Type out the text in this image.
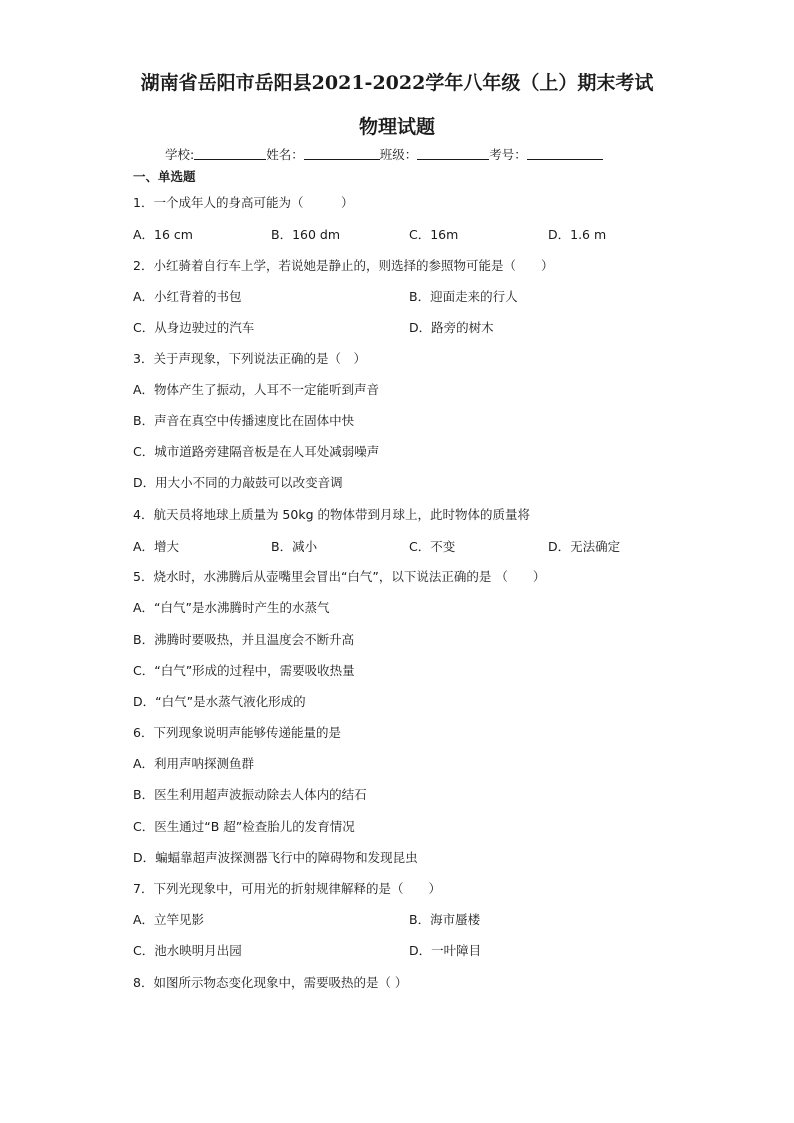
湖南省岳阳市岳阳县2021-2022学年八年级（上）期末考试
物理试题
学校:	姓名：	班级：	考号：
一、单选题
1．一个成年人的身高可能为（　　　）
A．16 cm	B．160 dm	C．16m	D．1.6 m
2．小红骑着自行车上学，若说她是静止的，则选择的参照物可能是（　　）
A．小红背着的书包	B．迎面走来的行人
C．从身边驶过的汽车	D．路旁的树木
3．关于声现象，下列说法正确的是（　）
A．物体产生了振动，人耳不一定能听到声音
B．声音在真空中传播速度比在固体中快
C．城市道路旁建隔音板是在人耳处减弱噪声
D．用大小不同的力敲鼓可以改变音调
4．航天员将地球上质量为 50kg 的物体带到月球上，此时物体的质量将
A．增大	B．减小	C．不变	D．无法确定
5．烧水时，水沸腾后从壶嘴里会冒出“白气”，以下说法正确的是 （　　）
A．“白气”是水沸腾时产生的水蒸气
B．沸腾时要吸热，并且温度会不断升高
C．“白气”形成的过程中，需要吸收热量
D．“白气”是水蒸气液化形成的
6．下列现象说明声能够传递能量的是
A．利用声呐探测鱼群
B．医生利用超声波振动除去人体内的结石
C．医生通过“B 超”检查胎儿的发育情况
D．蝙蝠靠超声波探测器飞行中的障碍物和发现昆虫
7．下列光现象中，可用光的折射规律解释的是（　　）
A．立竿见影	B．海市蜃楼
C．池水映明月出园	D．一叶障目
8．如图所示物态变化现象中，需要吸热的是（ ）
